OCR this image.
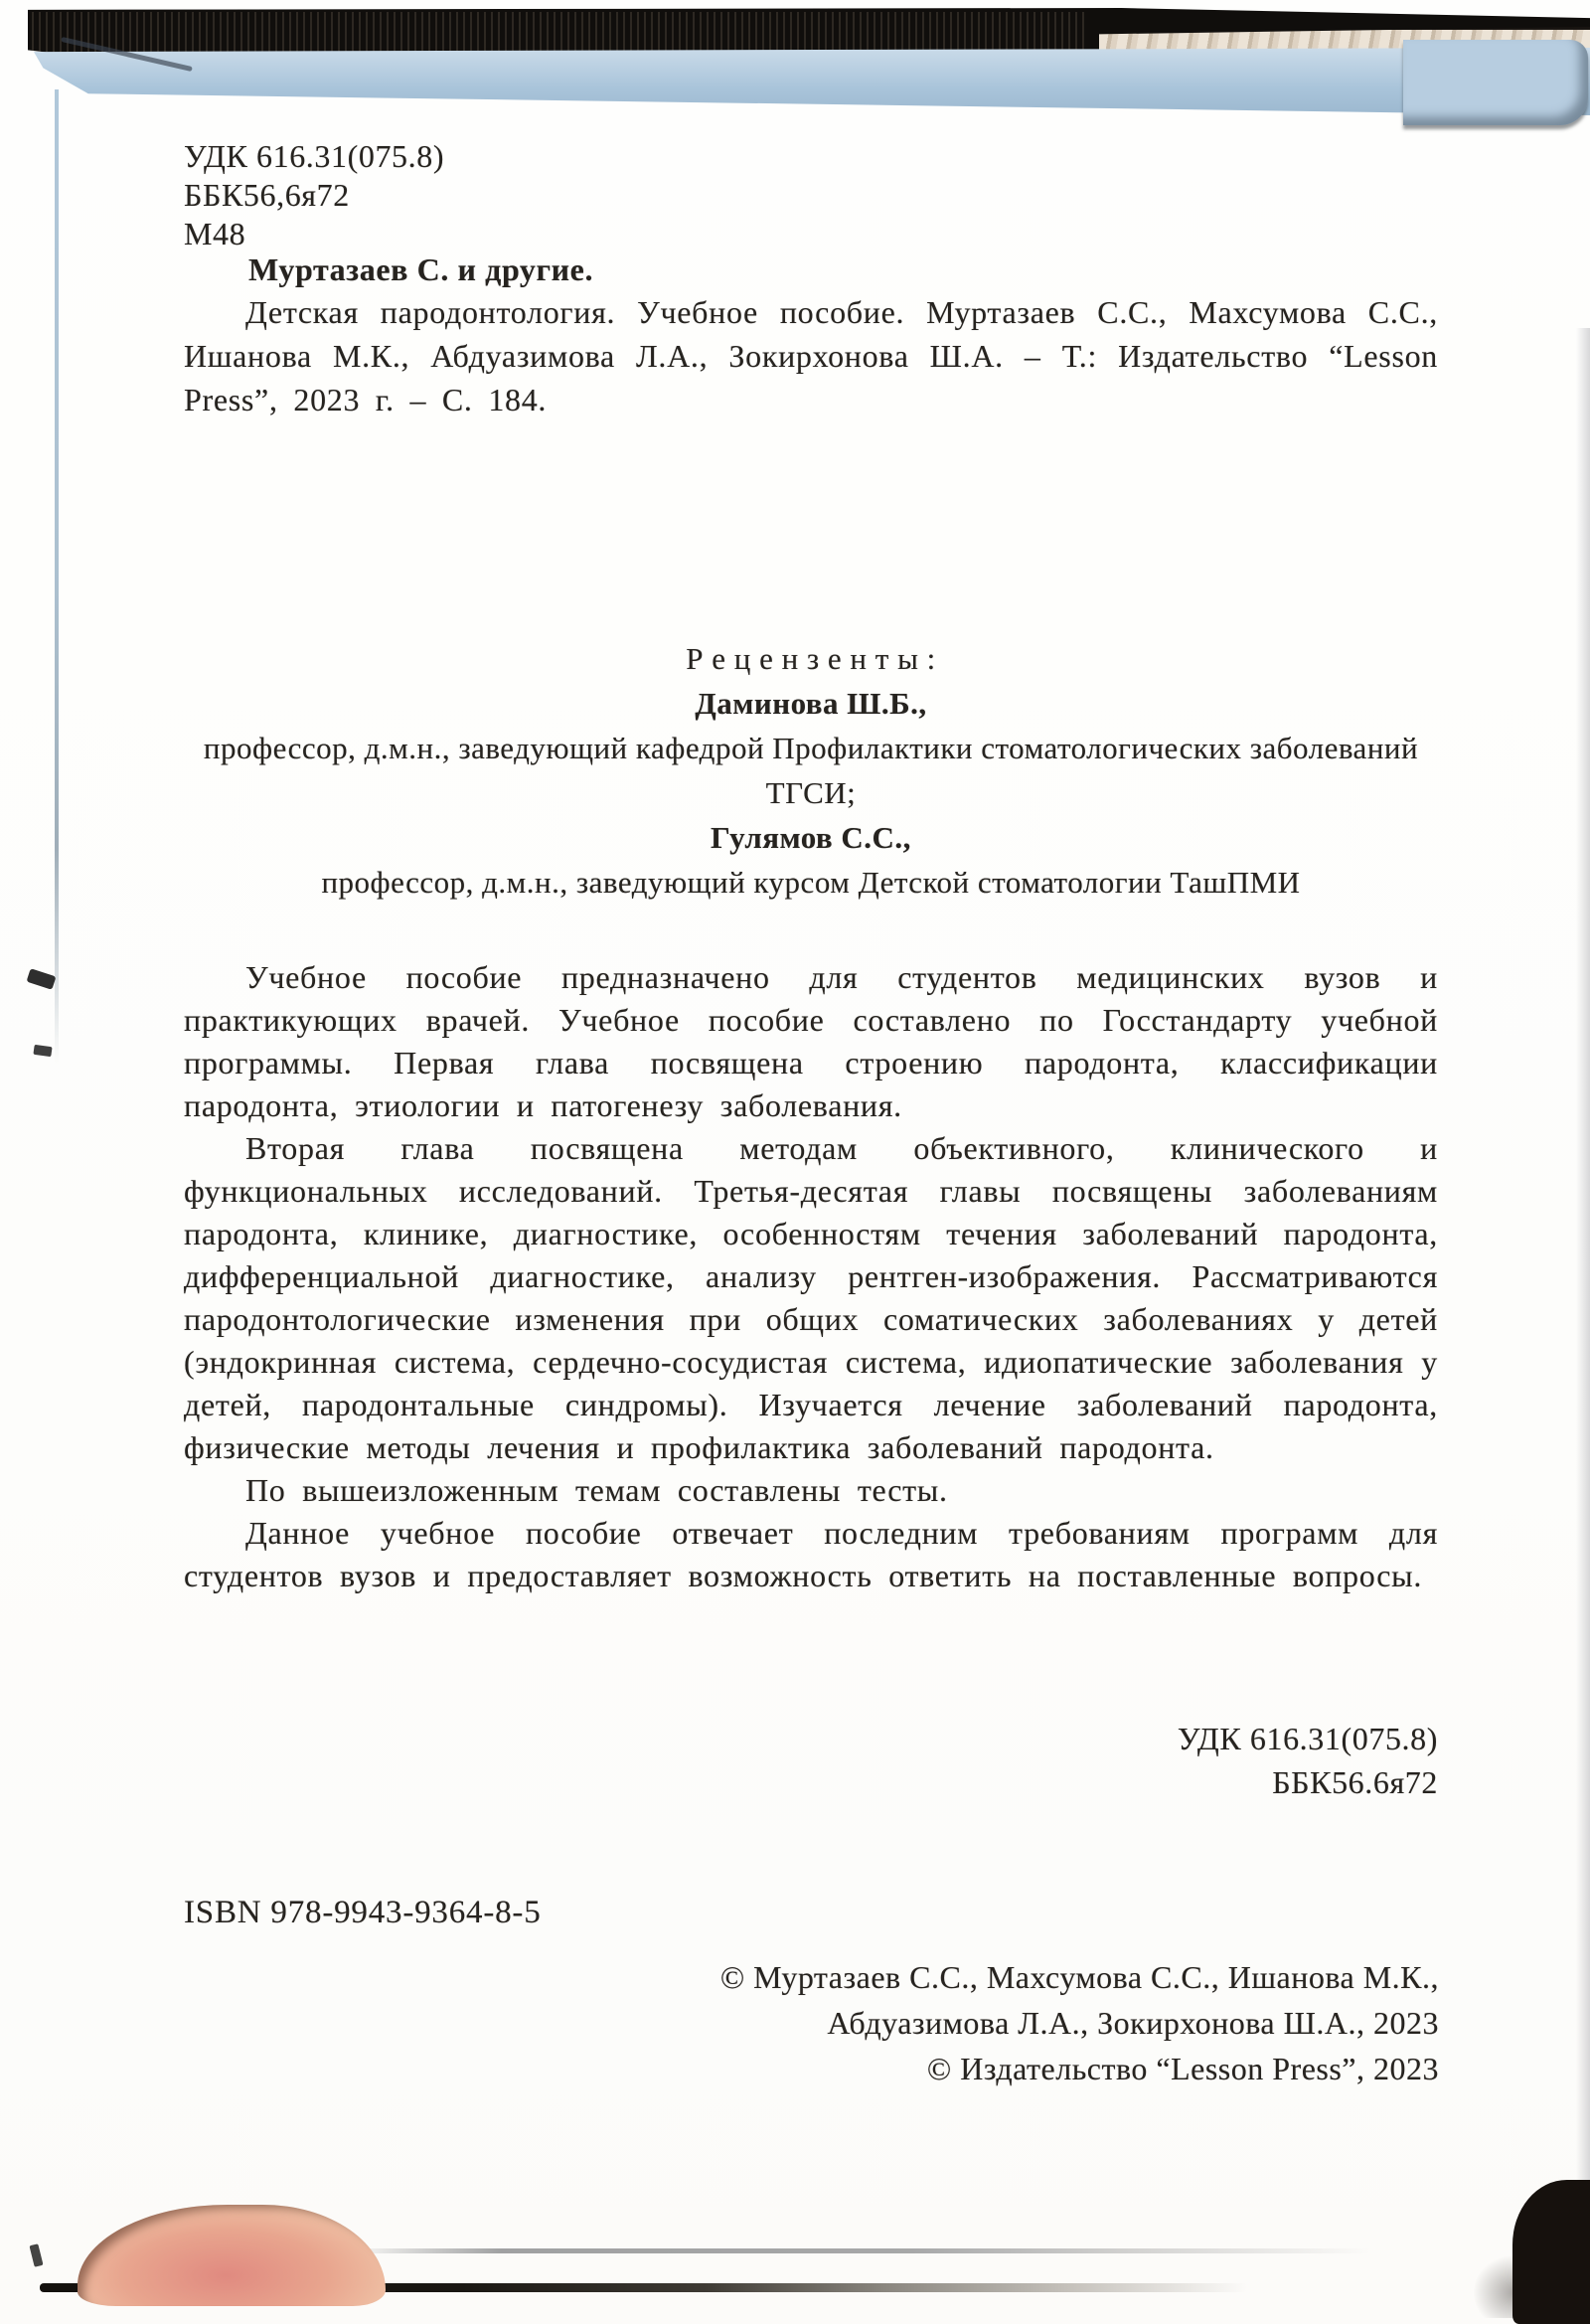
УДК 616.31(075.8)
ББК56,6я72
М48
Муртазаев С. и другие.
Детская пародонтология. Учебное пособие. Муртазаев С.С., Махсумова С.С., Ишанова М.К., Абдуазимова Л.А., Зокирхонова Ш.А. – Т.: Издательство “Lesson Press”, 2023 г. – С. 184.
Р е ц е н з е н т ы :
Даминова Ш.Б.,
профессор, д.м.н., заведующий кафедрой Профилактики стоматологических заболеваний ТГСИ;
Гулямов С.С.,
профессор, д.м.н., заведующий курсом Детской стоматологии ТашПМИ

Учебное пособие предназначено для студентов медицинских вузов и практикующих врачей. Учебное пособие составлено по Госстандарту учебной программы. Первая глава посвящена строению пародонта, классификации пародонта, этиологии и патогенезу заболевания.

Вторая глава посвящена методам объективного, клинического и функциональных исследований. Третья-десятая главы посвящены заболеваниям пародонта, клинике, диагностике, особенностям течения заболеваний пародонта, дифференциальной диагностике, анализу рентген-изображения. Рассматриваются пародонтологические изменения при общих соматических заболеваниях у детей (эндокринная система, сердечно-сосудистая система, идиопатические заболевания у детей, пародонтальные синдромы). Изучается лечение заболеваний пародонта, физические методы лечения и профилактика заболеваний пародонта.

По вышеизложенным темам составлены тесты.

Данное учебное пособие отвечает последним требованиям программ для студентов вузов и предоставляет возможность ответить на поставленные вопросы.

УДК 616.31(075.8)
ББК56.6я72
ISBN 978-9943-9364-8-5
© Муртазаев С.С., Махсумова С.С., Ишанова М.К.,
Абдуазимова Л.А., Зокирхонова Ш.А., 2023
© Издательство “Lesson Press”, 2023
